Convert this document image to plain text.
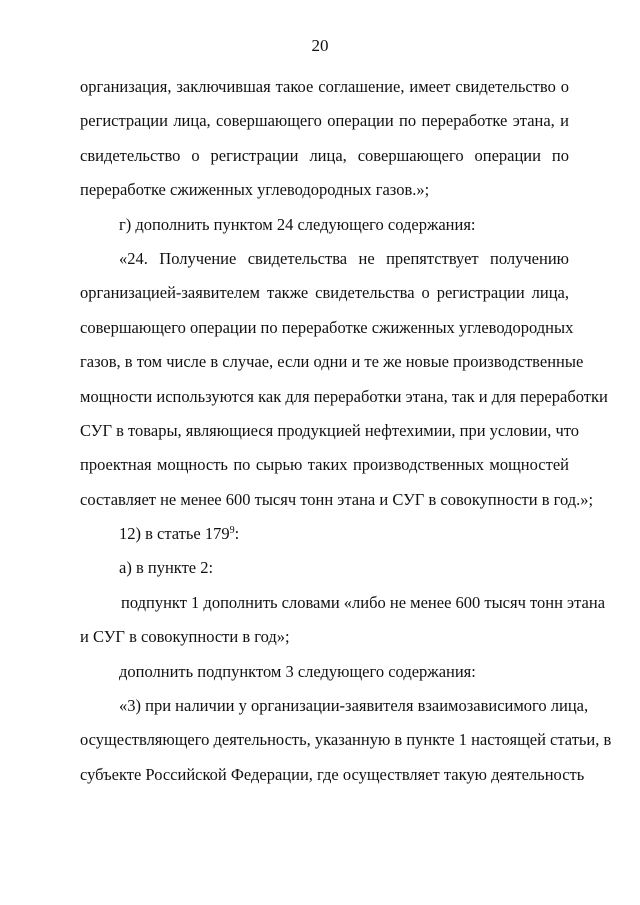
20
организация, заключившая такое соглашение, имеет свидетельство о
регистрации лица, совершающего операции по переработке этана, и
свидетельство о регистрации лица, совершающего операции по
переработке сжиженных углеводородных газов.»;
г) дополнить пунктом 24 следующего содержания:
«24. Получение свидетельства не препятствует получению
организацией-заявителем также свидетельства о регистрации лица,
совершающего операции по переработке сжиженных углеводородных
газов, в том числе в случае, если одни и те же новые производственные
мощности используются как для переработки этана, так и для переработки
СУГ в товары, являющиеся продукцией нефтехимии, при условии, что
проектная мощность по сырью таких производственных мощностей
составляет не менее 600 тысяч тонн этана и СУГ в совокупности в год.»;
12) в статье $179^9$:
а) в пункте 2:
подпункт 1 дополнить словами «либо не менее 600 тысяч тонн этана
и СУГ в совокупности в год»;
дополнить подпунктом 3 следующего содержания:
«3) при наличии у организации-заявителя взаимозависимого лица,
осуществляющего деятельность, указанную в пункте 1 настоящей статьи, в
субъекте Российской Федерации, где осуществляет такую деятельность
